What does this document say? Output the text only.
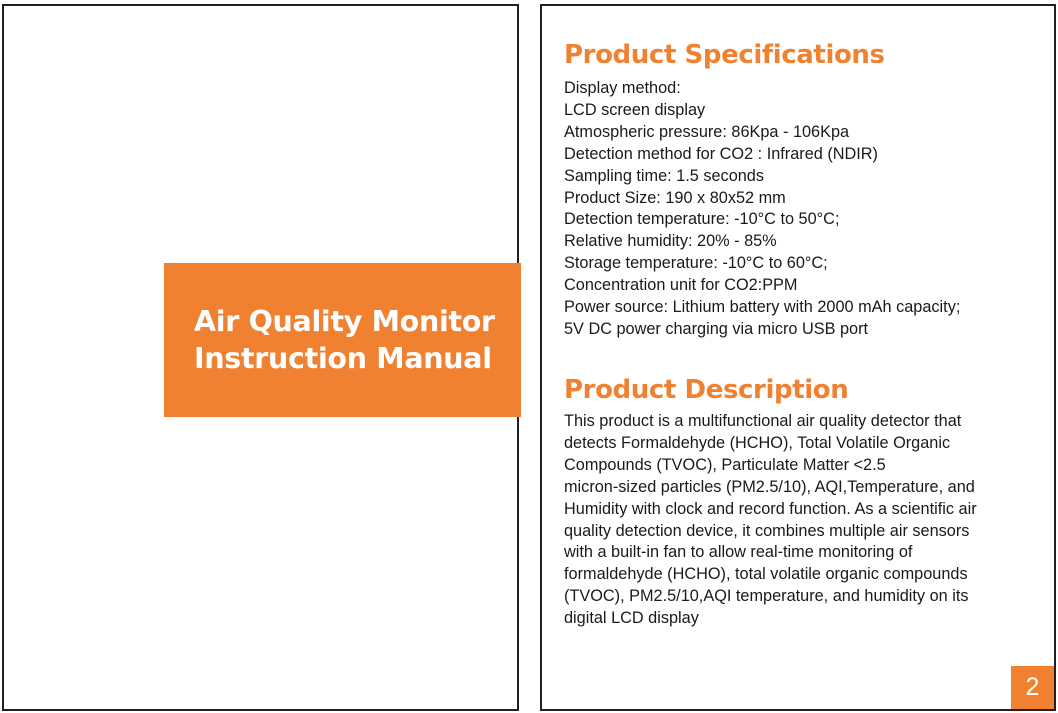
Air Quality Monitor
Instruction Manual
Product Specifications
Display method:
LCD screen display
Atmospheric pressure: 86Kpa - 106Kpa
Detection method for CO2 : Infrared (NDIR)
Sampling time: 1.5 seconds
Product Size: 190 x 80x52 mm
Detection temperature: -10°C to 50°C;
Relative humidity: 20% - 85%
Storage temperature: -10°C to 60°C;
Concentration unit for CO2:PPM
Power source: Lithium battery with 2000 mAh capacity;
5V DC power charging via micro USB port
Product Description
This product is a multifunctional air quality detector that
detects Formaldehyde (HCHO), Total Volatile Organic
Compounds (TVOC), Particulate Matter <2.5
micron-sized particles (PM2.5/10), AQI,Temperature, and
Humidity with clock and record function. As a scientific air
quality detection device, it combines multiple air sensors
with a built-in fan to allow real-time monitoring of
formaldehyde (HCHO), total volatile organic compounds
(TVOC), PM2.5/10,AQI temperature, and humidity on its
digital LCD display
2
